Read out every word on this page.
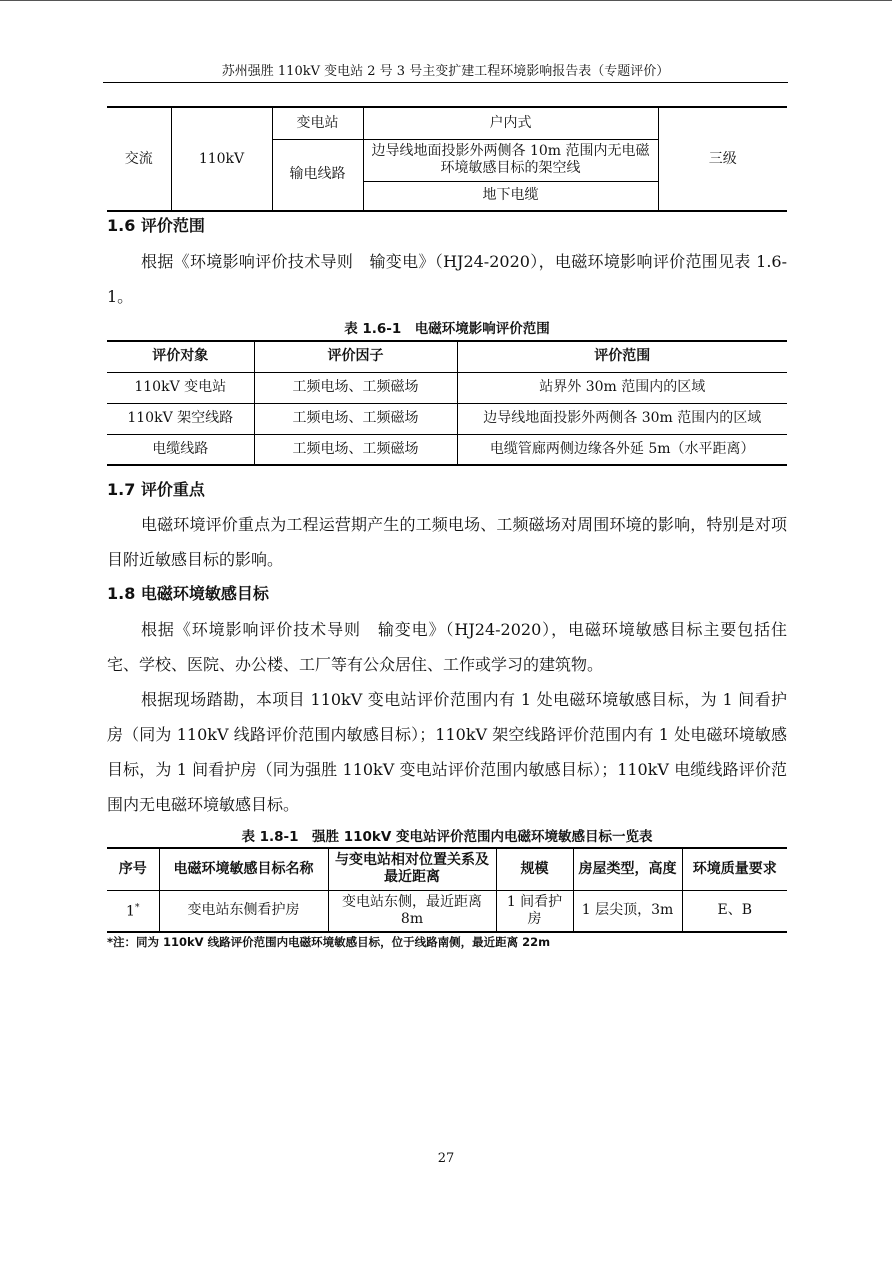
苏州强胜 110kV 变电站 2 号 3 号主变扩建工程环境影响报告表（专题评价）
交流	110kV	变电站	户内式	三级
		输电线路	边导线地面投影外两侧各 10m 范围内无电磁环境敏感目标的架空线	
			地下电缆	
1.6 评价范围
根据《环境影响评价技术导则　输变电》（HJ24-2020），电磁环境影响评价范围见表 1.6-1。
表 1.6-1　电磁环境影响评价范围
评价对象	评价因子	评价范围
110kV 变电站	工频电场、工频磁场	站界外 30m 范围内的区域
110kV 架空线路	工频电场、工频磁场	边导线地面投影外两侧各 30m 范围内的区域
电缆线路	工频电场、工频磁场	电缆管廊两侧边缘各外延 5m（水平距离）
1.7 评价重点
电磁环境评价重点为工程运营期产生的工频电场、工频磁场对周围环境的影响，特别是对项目附近敏感目标的影响。
1.8 电磁环境敏感目标
根据《环境影响评价技术导则　输变电》（HJ24-2020），电磁环境敏感目标主要包括住宅、学校、医院、办公楼、工厂等有公众居住、工作或学习的建筑物。
根据现场踏勘，本项目 110kV 变电站评价范围内有 1 处电磁环境敏感目标，为 1 间看护房（同为 110kV 线路评价范围内敏感目标）；110kV 架空线路评价范围内有 1 处电磁环境敏感目标，为 1 间看护房（同为强胜 110kV 变电站评价范围内敏感目标）；110kV 电缆线路评价范围内无电磁环境敏感目标。
表 1.8-1　强胜 110kV 变电站评价范围内电磁环境敏感目标一览表
序号	电磁环境敏感目标名称	与变电站相对位置关系及最近距离	规模	房屋类型，高度	环境质量要求
1*	变电站东侧看护房	变电站东侧，最近距离 8m	1 间看护房	1 层尖顶，3m	E、B
*注：同为 110kV 线路评价范围内电磁环境敏感目标，位于线路南侧，最近距离 22m
27
